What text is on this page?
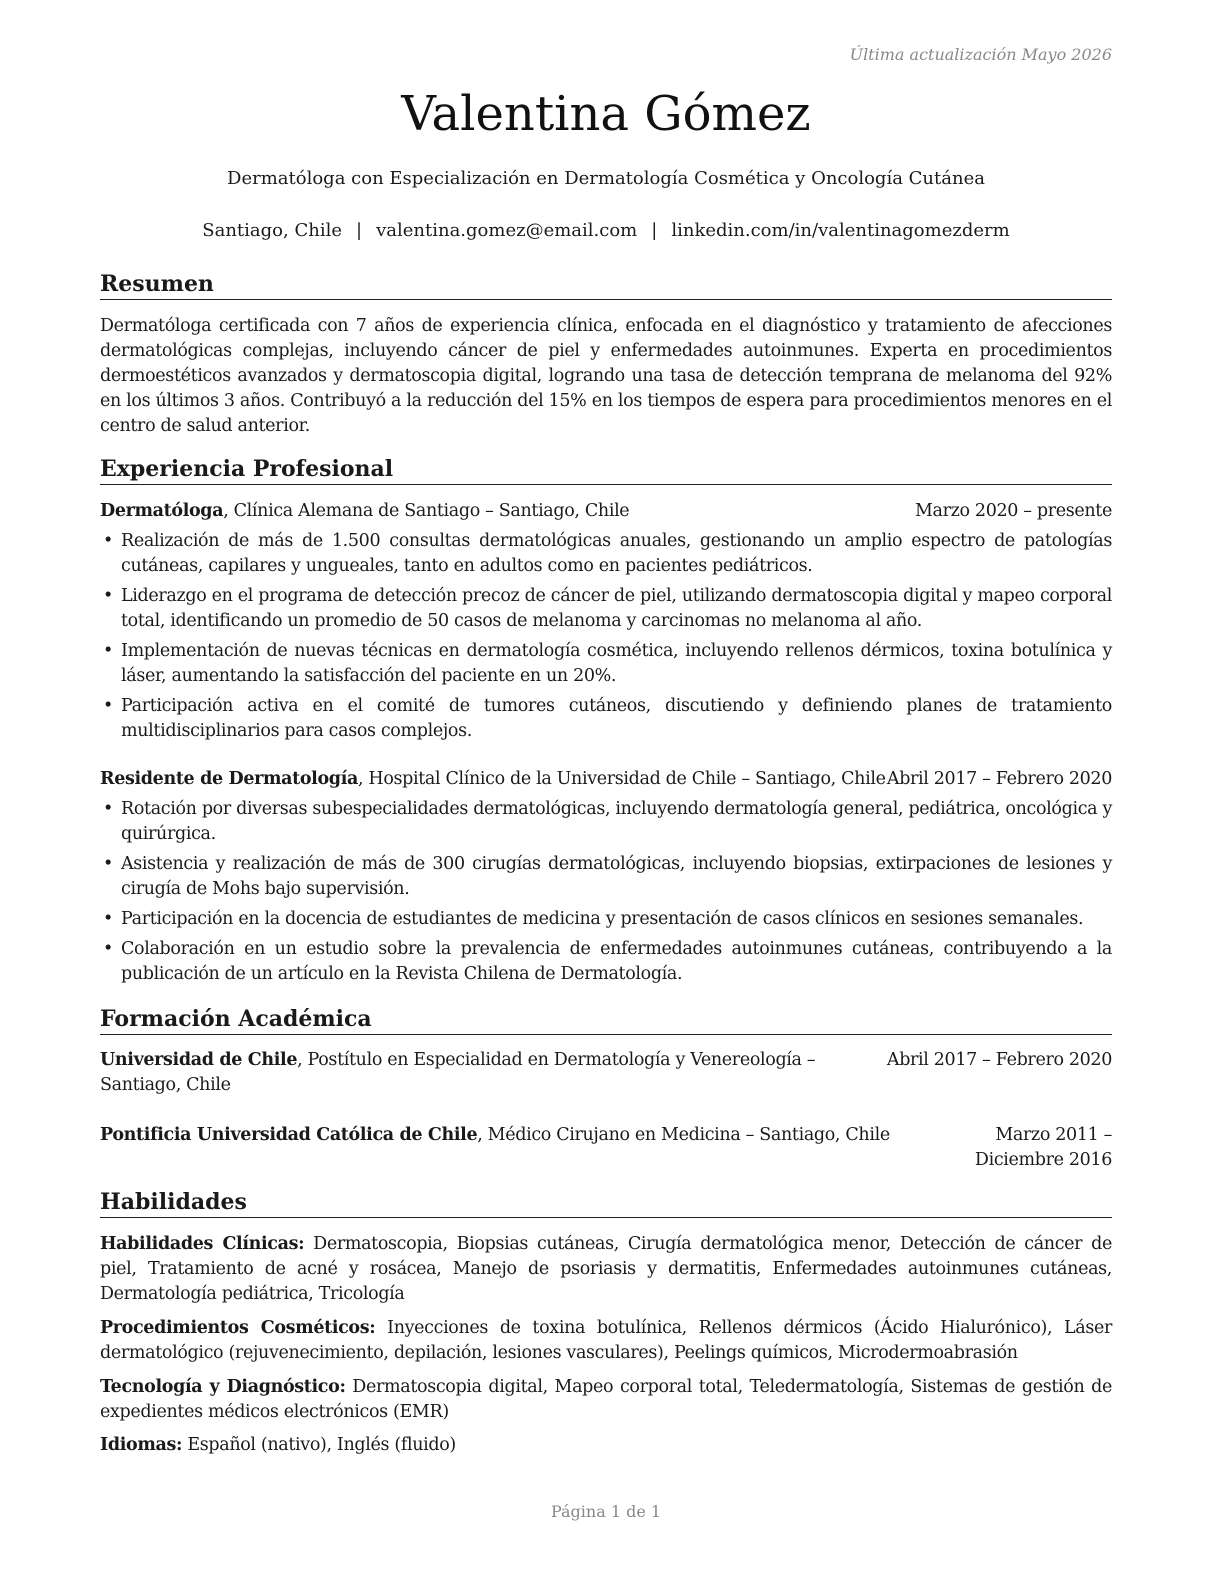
Última actualización Mayo 2026
Valentina Gómez
Dermatóloga con Especialización en Dermatología Cosmética y Oncología Cutánea
Santiago, Chile | valentina.gomez@email.com | linkedin.com/in/valentinagomezderm
Resumen
Dermatóloga certificada con 7 años de experiencia clínica, enfocada en el diagnóstico y tratamiento de afecciones dermatológicas complejas, incluyendo cáncer de piel y enfermedades autoinmunes. Experta en procedimientos dermoestéticos avanzados y dermatoscopia digital, logrando una tasa de detección temprana de melanoma del 92% en los últimos 3 años. Contribuyó a la reducción del 15% en los tiempos de espera para procedimientos menores en el centro de salud anterior.
Experiencia Profesional
Dermatóloga, Clínica Alemana de Santiago – Santiago, Chile	Marzo 2020 – presente
• Realización de más de 1.500 consultas dermatológicas anuales, gestionando un amplio espectro de patologías cutáneas, capilares y ungueales, tanto en adultos como en pacientes pediátricos.
• Liderazgo en el programa de detección precoz de cáncer de piel, utilizando dermatoscopia digital y mapeo corporal total, identificando un promedio de 50 casos de melanoma y carcinomas no melanoma al año.
• Implementación de nuevas técnicas en dermatología cosmética, incluyendo rellenos dérmicos, toxina botulínica y láser, aumentando la satisfacción del paciente en un 20%.
• Participación activa en el comité de tumores cutáneos, discutiendo y definiendo planes de tratamiento multidisciplinarios para casos complejos.
Residente de Dermatología, Hospital Clínico de la Universidad de Chile – Santiago, Chile Abril 2017 – Febrero 2020
• Rotación por diversas subespecialidades dermatológicas, incluyendo dermatología general, pediátrica, oncológica y quirúrgica.
• Asistencia y realización de más de 300 cirugías dermatológicas, incluyendo biopsias, extirpaciones de lesiones y cirugía de Mohs bajo supervisión.
• Participación en la docencia de estudiantes de medicina y presentación de casos clínicos en sesiones semanales.
• Colaboración en un estudio sobre la prevalencia de enfermedades autoinmunes cutáneas, contribuyendo a la publicación de un artículo en la Revista Chilena de Dermatología.
Formación Académica
Abril 2017 – Febrero 2020
Universidad de Chile, Postítulo en Especialidad en Dermatología y Venereología – Santiago, Chile
Marzo 2011 – Diciembre 2016
Pontificia Universidad Católica de Chile, Médico Cirujano en Medicina – Santiago, Chile
Habilidades
Habilidades Clínicas: Dermatoscopia, Biopsias cutáneas, Cirugía dermatológica menor, Detección de cáncer de piel, Tratamiento de acné y rosácea, Manejo de psoriasis y dermatitis, Enfermedades autoinmunes cutáneas, Dermatología pediátrica, Tricología
Procedimientos Cosméticos: Inyecciones de toxina botulínica, Rellenos dérmicos (Ácido Hialurónico), Láser dermatológico (rejuvenecimiento, depilación, lesiones vasculares), Peelings químicos, Microdermoabrasión
Tecnología y Diagnóstico: Dermatoscopia digital, Mapeo corporal total, Teledermatología, Sistemas de gestión de expedientes médicos electrónicos (EMR)
Idiomas: Español (nativo), Inglés (fluido)
Página 1 de 1
